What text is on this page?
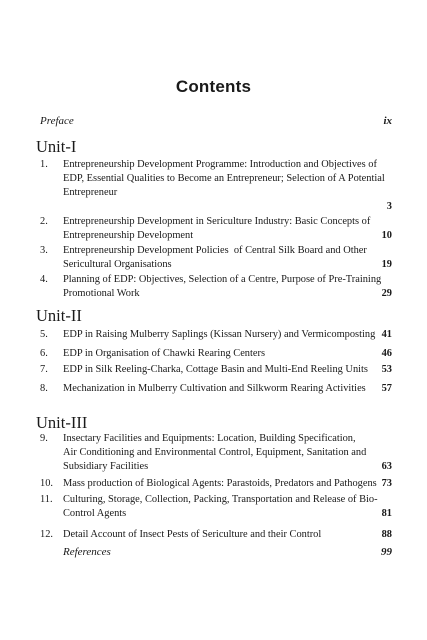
Contents
Preface	ix
Unit-I
1.	Entrepreneurship Development Programme: Introduction and Objectives of
EDP, Essential Qualities to Become an Entrepreneur; Selection of A Potential
Entrepreneur
3
2.	Entrepreneurship Development in Sericulture Industry: Basic Concepts of
Entrepreneurship Development	10
3.	Entrepreneurship Development Policies  of Central Silk Board and Other
Sericultural Organisations	19
4.	Planning of EDP: Objectives, Selection of a Centre, Purpose of Pre-Training
Promotional Work	29
Unit-II
5.	EDP in Raising Mulberry Saplings (Kissan Nursery) and Vermicomposting 41
6.	EDP in Organisation of Chawki Rearing Centers	46
7.	EDP in Silk Reeling-Charka, Cottage Basin and Multi-End Reeling Units 53
8.	Mechanization in Mulberry Cultivation and Silkworm Rearing Activities 57
Unit-III
9.	Insectary Facilities and Equipments: Location, Building Specification,
Air Conditioning and Environmental Control, Equipment, Sanitation and
Subsidiary Facilities	63
10. Mass production of Biological Agents: Parastoids, Predators and Pathogens 73
11. Culturing, Storage, Collection, Packing, Transportation and Release of Bio-
Control Agents	81
12. Detail Account of Insect Pests of Sericulture and their Control	88
References	99
